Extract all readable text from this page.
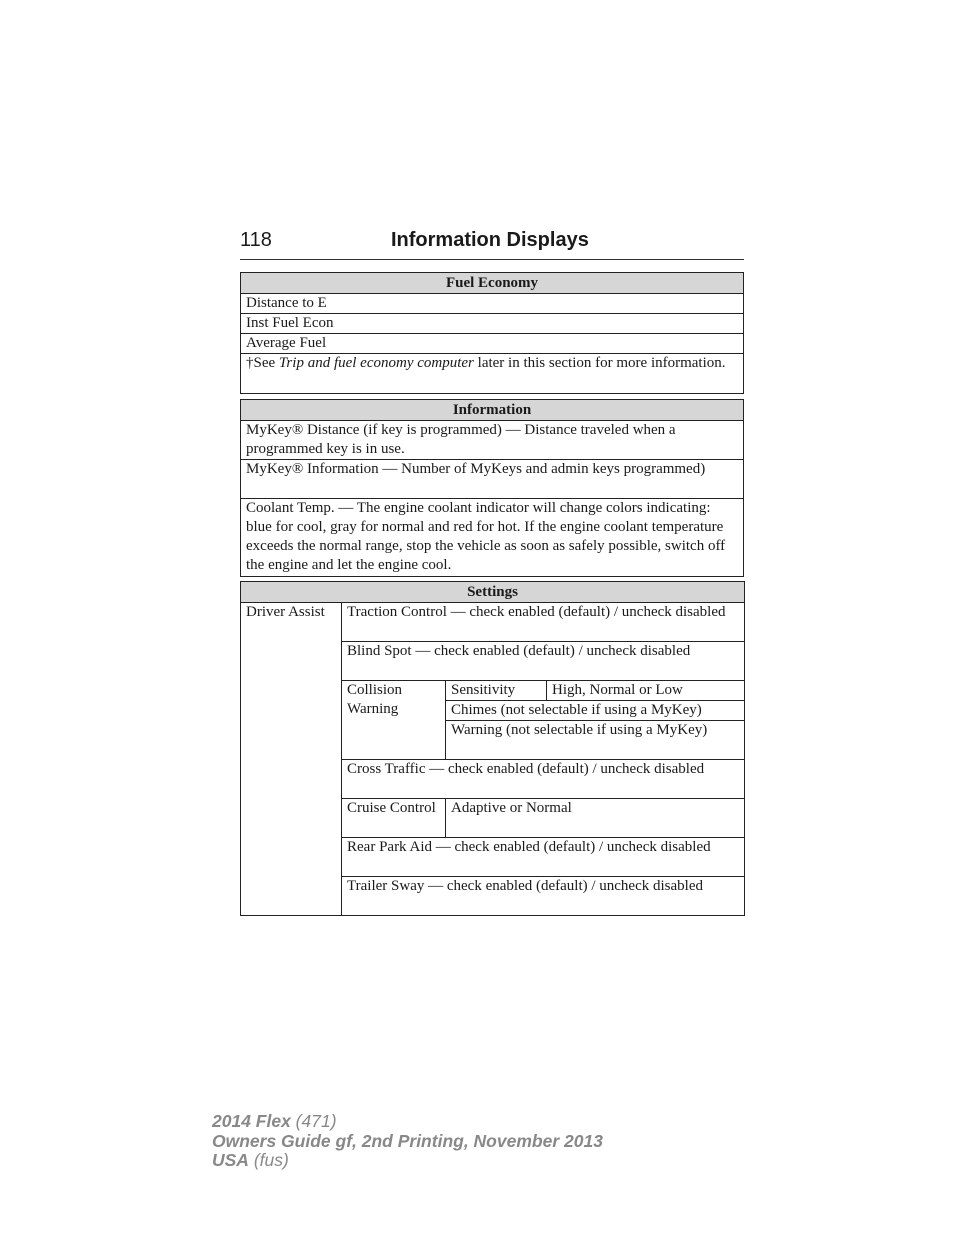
118	Information Displays
Fuel Economy
Distance to E
Inst Fuel Econ
Average Fuel
†See Trip and fuel economy computer later in this section for more information.
Information
MyKey® Distance (if key is programmed) — Distance traveled when a programmed key is in use.
MyKey® Information — Number of MyKeys and admin keys programmed)
Coolant Temp. — The engine coolant indicator will change colors indicating: blue for cool, gray for normal and red for hot. If the engine coolant temperature exceeds the normal range, stop the vehicle as soon as safely possible, switch off the engine and let the engine cool.
Settings			
Driver Assist	Traction Control — check enabled (default) / uncheck disabled		
	Blind Spot — check enabled (default) / uncheck disabled		
	Collision Warning	Sensitivity	High, Normal or Low
		Chimes (not selectable if using a MyKey)	
		Warning (not selectable if using a MyKey)	
	Cross Traffic — check enabled (default) / uncheck disabled		
	Cruise Control	Adaptive or Normal	
	Rear Park Aid — check enabled (default) / uncheck disabled		
	Trailer Sway — check enabled (default) / uncheck disabled		
2014 Flex (471)
Owners Guide gf, 2nd Printing, November 2013
USA (fus)
